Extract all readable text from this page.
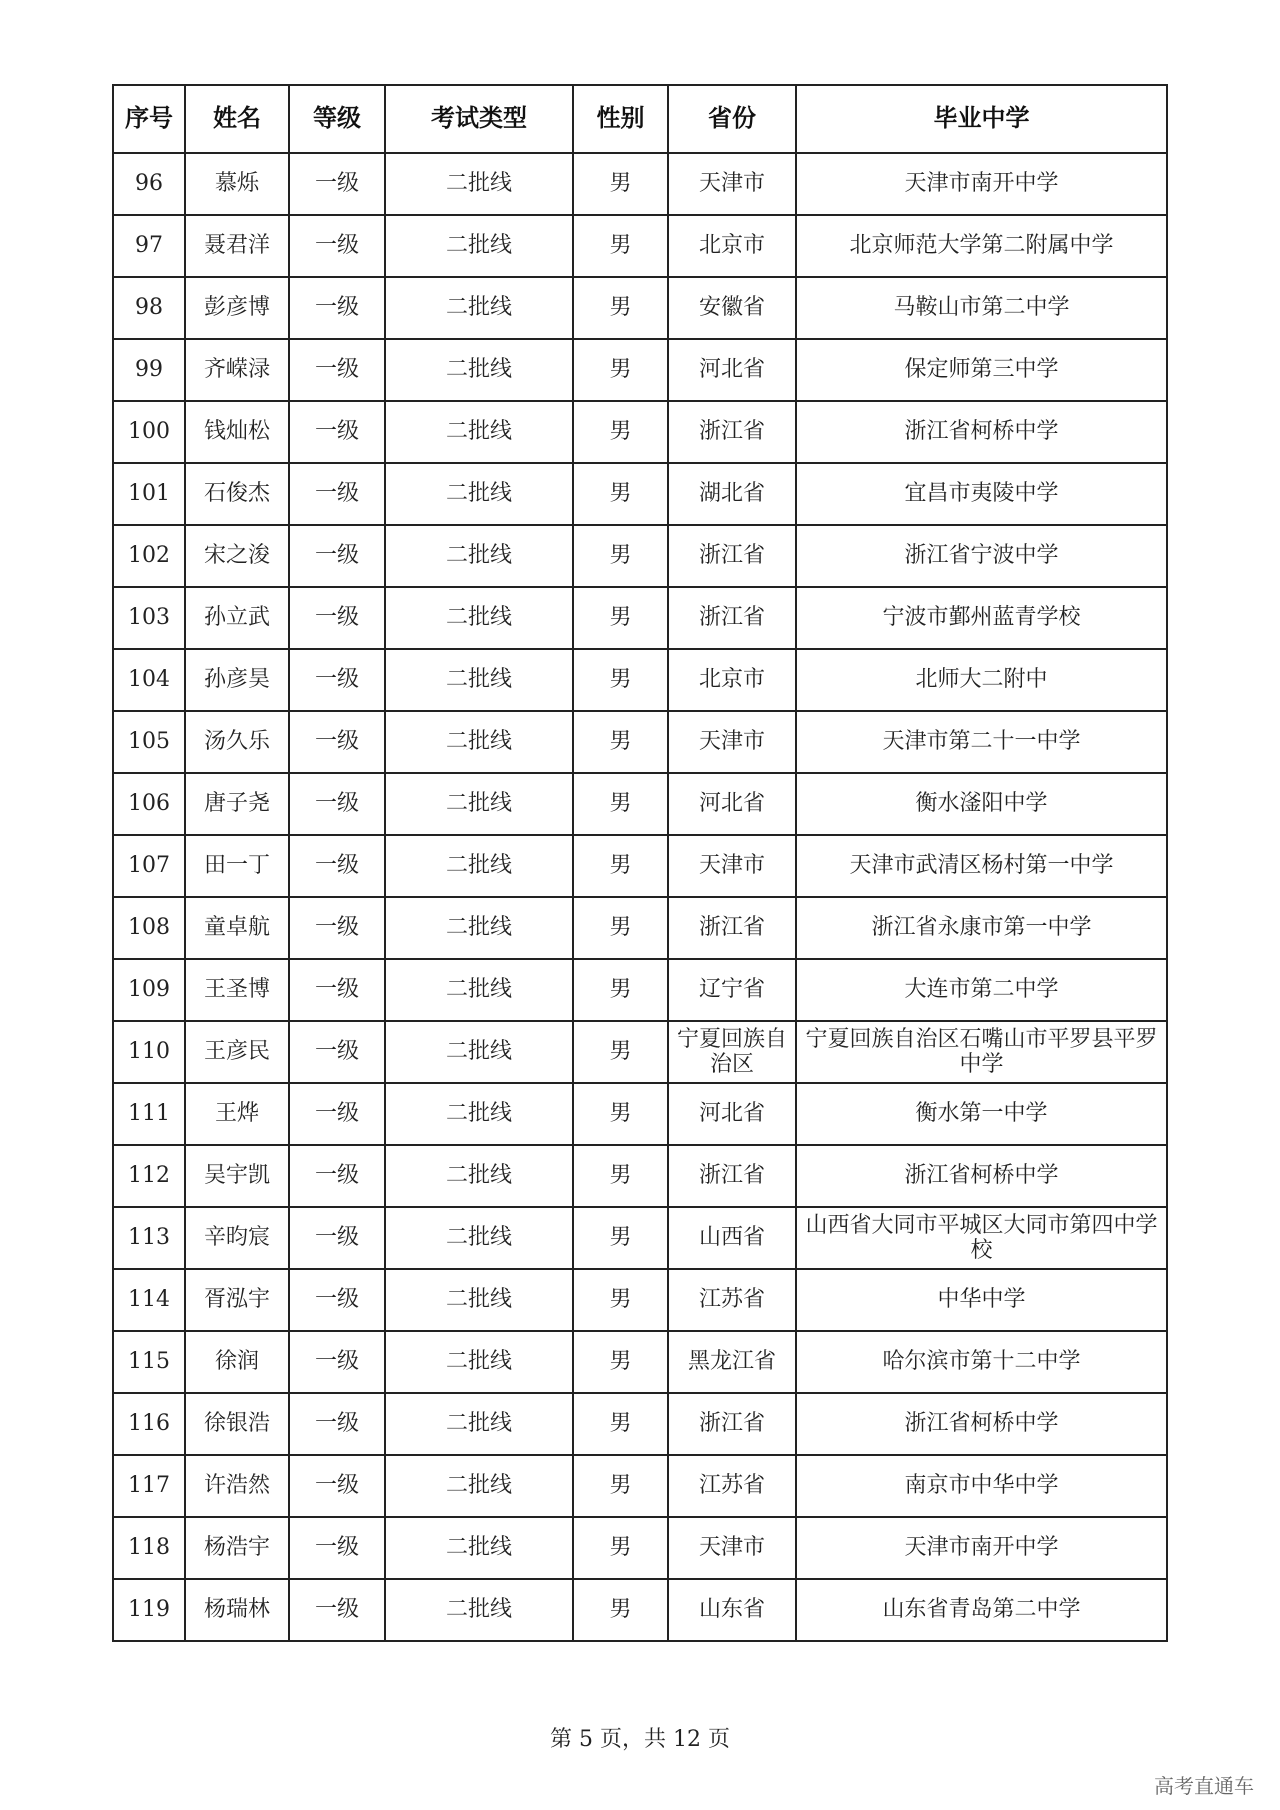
序号	姓名	等级	考试类型	性别	省份	毕业中学
96	慕烁	一级	二批线	男	天津市	天津市南开中学
97	聂君洋	一级	二批线	男	北京市	北京师范大学第二附属中学
98	彭彦博	一级	二批线	男	安徽省	马鞍山市第二中学
99	齐嵘渌	一级	二批线	男	河北省	保定师第三中学
100	钱灿松	一级	二批线	男	浙江省	浙江省柯桥中学
101	石俊杰	一级	二批线	男	湖北省	宜昌市夷陵中学
102	宋之浚	一级	二批线	男	浙江省	浙江省宁波中学
103	孙立武	一级	二批线	男	浙江省	宁波市鄞州蓝青学校
104	孙彦昊	一级	二批线	男	北京市	北师大二附中
105	汤久乐	一级	二批线	男	天津市	天津市第二十一中学
106	唐子尧	一级	二批线	男	河北省	衡水滏阳中学
107	田一丁	一级	二批线	男	天津市	天津市武清区杨村第一中学
108	童卓航	一级	二批线	男	浙江省	浙江省永康市第一中学
109	王圣博	一级	二批线	男	辽宁省	大连市第二中学
110	王彦民	一级	二批线	男	宁夏回族自治区	宁夏回族自治区石嘴山市平罗县平罗中学
111	王烨	一级	二批线	男	河北省	衡水第一中学
112	吴宇凯	一级	二批线	男	浙江省	浙江省柯桥中学
113	辛昀宸	一级	二批线	男	山西省	山西省大同市平城区大同市第四中学校
114	胥泓宇	一级	二批线	男	江苏省	中华中学
115	徐润	一级	二批线	男	黑龙江省	哈尔滨市第十二中学
116	徐银浩	一级	二批线	男	浙江省	浙江省柯桥中学
117	许浩然	一级	二批线	男	江苏省	南京市中华中学
118	杨浩宇	一级	二批线	男	天津市	天津市南开中学
119	杨瑞林	一级	二批线	男	山东省	山东省青岛第二中学
第 5 页，共 12 页
高考直通车
